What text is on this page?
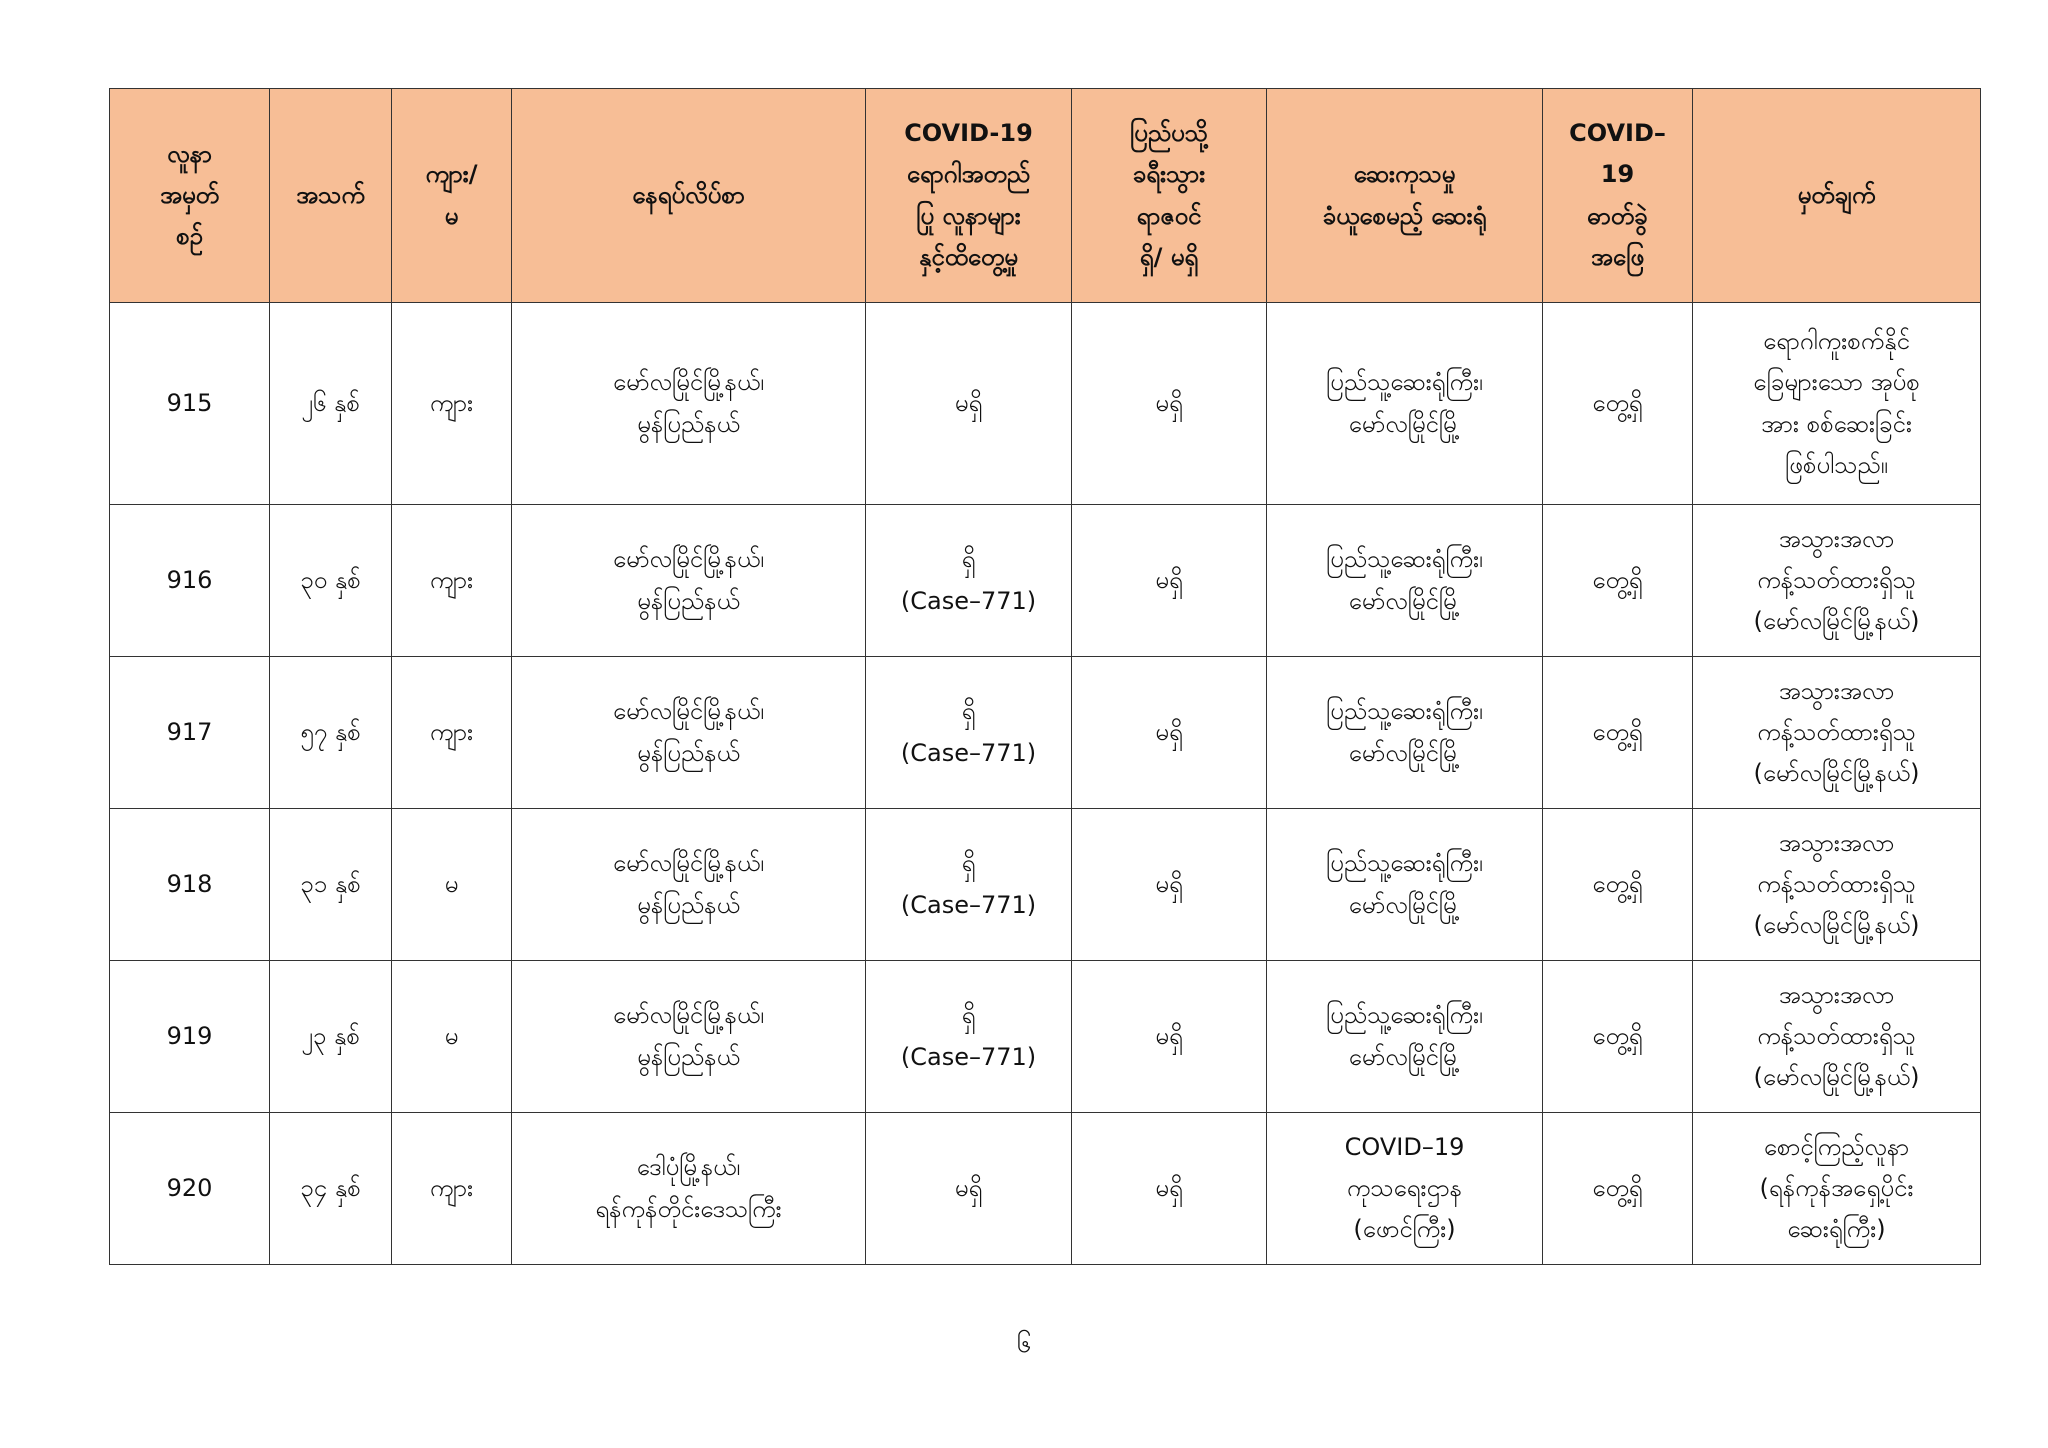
လူနာ
အမှတ်
စဉ်	အသက်	ကျား/
မ	နေရပ်လိပ်စာ	COVID-19
ရောဂါအတည်
ပြု လူနာများ
နှင့်ထိတွေ့မှု	ပြည်ပသို့
ခရီးသွား
ရာဇဝင်
ရှိ/ မရှိ	ဆေးကုသမှု
ခံယူစေမည့် ဆေးရုံ	COVID–
19
ဓာတ်ခွဲ
အဖြေ	မှတ်ချက်

915	၂၆ နှစ်	ကျား	မော်လမြိုင်မြို့နယ်၊
မွန်ပြည်နယ်	မရှိ	မရှိ	ပြည်သူ့ဆေးရုံကြီး၊
မော်လမြိုင်မြို့	တွေ့ရှိ	ရောဂါကူးစက်နိုင်
ခြေများသော အုပ်စု
အား စစ်ဆေးခြင်း
ဖြစ်ပါသည်။

916	၃၀ နှစ်	ကျား	မော်လမြိုင်မြို့နယ်၊
မွန်ပြည်နယ်	ရှိ
(Case–771)	မရှိ	ပြည်သူ့ဆေးရုံကြီး၊
မော်လမြိုင်မြို့	တွေ့ရှိ	အသွားအလာ
ကန့်သတ်ထားရှိသူ
(မော်လမြိုင်မြို့နယ်)

917	၅၇ နှစ်	ကျား	မော်လမြိုင်မြို့နယ်၊
မွန်ပြည်နယ်	ရှိ
(Case–771)	မရှိ	ပြည်သူ့ဆေးရုံကြီး၊
မော်လမြိုင်မြို့	တွေ့ရှိ	အသွားအလာ
ကန့်သတ်ထားရှိသူ
(မော်လမြိုင်မြို့နယ်)

918	၃၁ နှစ်	မ	မော်လမြိုင်မြို့နယ်၊
မွန်ပြည်နယ်	ရှိ
(Case–771)	မရှိ	ပြည်သူ့ဆေးရုံကြီး၊
မော်လမြိုင်မြို့	တွေ့ရှိ	အသွားအလာ
ကန့်သတ်ထားရှိသူ
(မော်လမြိုင်မြို့နယ်)

919	၂၃ နှစ်	မ	မော်လမြိုင်မြို့နယ်၊
မွန်ပြည်နယ်	ရှိ
(Case–771)	မရှိ	ပြည်သူ့ဆေးရုံကြီး၊
မော်လမြိုင်မြို့	တွေ့ရှိ	အသွားအလာ
ကန့်သတ်ထားရှိသူ
(မော်လမြိုင်မြို့နယ်)

920	၃၄ နှစ်	ကျား	ဒေါပုံမြို့နယ်၊
ရန်ကုန်တိုင်းဒေသကြီး	မရှိ	မရှိ	COVID–19
ကုသရေးဌာန
(ဖောင်ကြီး)	တွေ့ရှိ	စောင့်ကြည့်လူနာ
(ရန်ကုန်အရှေ့ပိုင်း
ဆေးရုံကြီး)
၆
